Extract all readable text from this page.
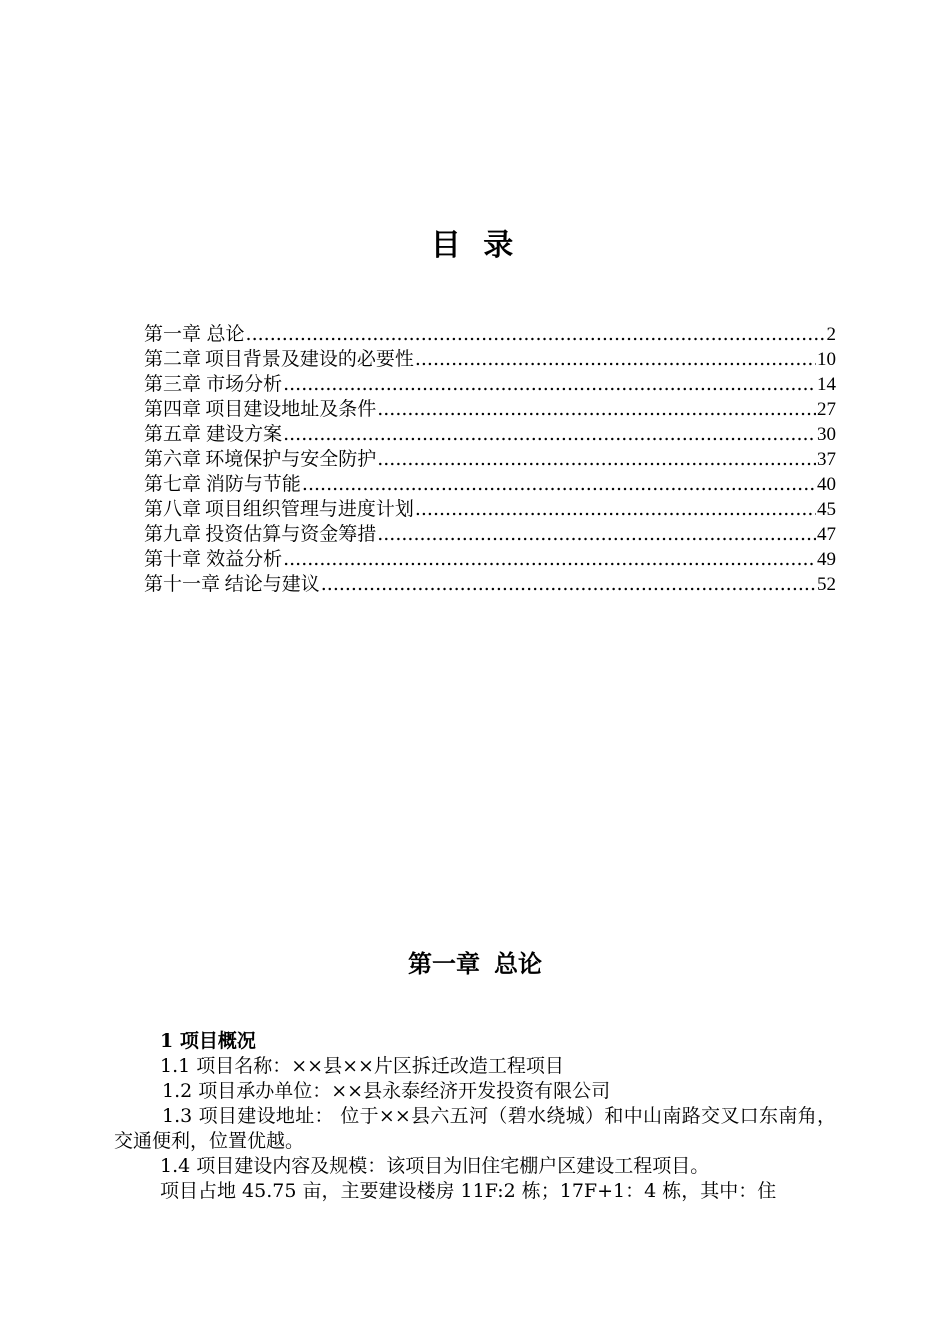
目 录
第一章 总论 .....	2
第二章 项目背景及建设的必要性 .....	10
第三章 市场分析 .....	14
第四章 项目建设地址及条件 .....	27
第五章 建设方案 .....	30
第六章 环境保护与安全防护 .....	37
第七章 消防与节能 .....	40
第八章 项目组织管理与进度计划 .....	45
第九章 投资估算与资金筹措 .....	47
第十章 效益分析 .....	49
第十一章 结论与建议 .....	52
第一章 总论

1 项目概况

1.1 项目名称：××县××片区拆迁改造工程项目

1.2 项目承办单位：××县永泰经济开发投资有限公司

1.3 项目建设地址： 位于××县六五河（碧水绕城）和中山南路交叉口东南角，交通便利，位置优越。

1.4 项目建设内容及规模：该项目为旧住宅棚户区建设工程项目。

项目占地 45.75 亩，主要建设楼房 11F:2 栋；17F+1：4 栋，其中：住
